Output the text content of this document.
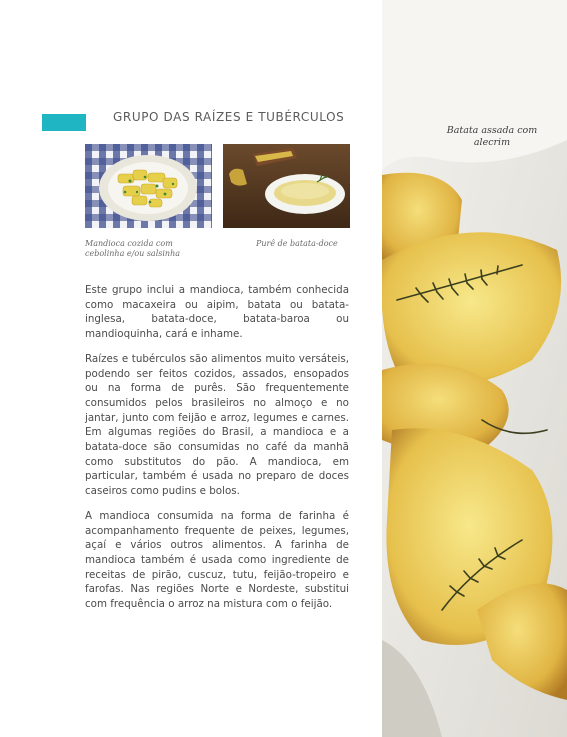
GRUPO DAS RAÍZES E TUBÉRCULOS
Mandioca cozida com cebolinha e/ou salsinha
Purê de batata-doce

Este grupo inclui a mandioca, também conhecida como macaxeira ou aipim, batata ou batata-inglesa, batata-doce, batata-baroa ou mandioquinha, cará e inhame.

Raízes e tubérculos são alimentos muito versáteis, podendo ser feitos cozidos, assados, ensopados ou na forma de purês. São frequentemente consumidos pelos brasileiros no almoço e no jantar, junto com feijão e arroz, legumes e carnes. Em algumas regiões do Brasil, a mandioca e a batata-doce são consumidas no café da manhã como substitutos do pão. A mandioca, em particular, também é usada no preparo de doces caseiros como pudins e bolos.

A mandioca consumida na forma de farinha é acompanhamento frequente de peixes, legumes, açaí e vários outros alimentos. A farinha de mandioca também é usada como ingrediente de receitas de pirão, cuscuz, tutu, feijão-tropeiro e farofas. Nas regiões Norte e Nordeste, substitui com frequência o arroz na mistura com o feijão.

Batata assada com alecrim
